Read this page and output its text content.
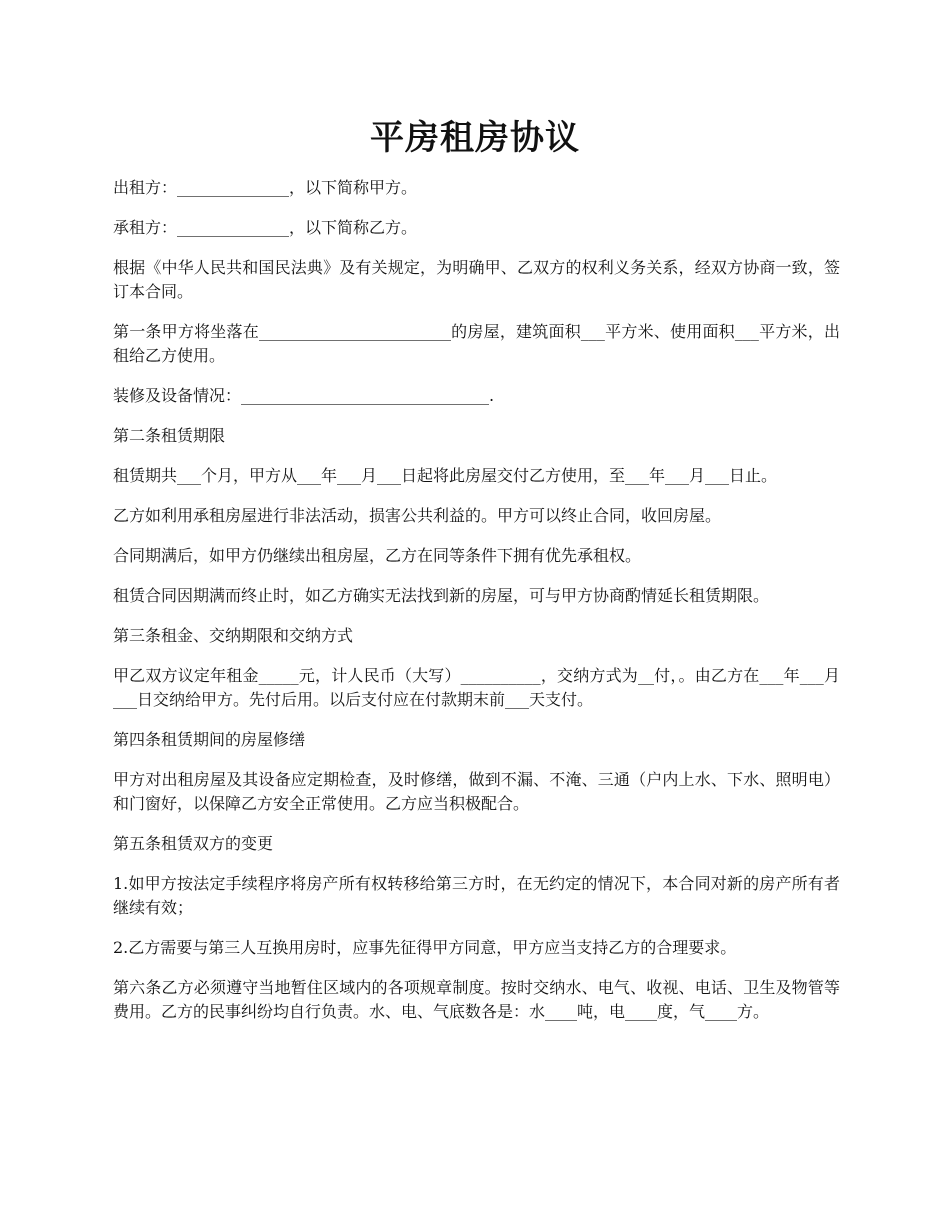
平房租房协议

出租方：______________，以下简称甲方。

承租方：______________，以下简称乙方。

根据《中华人民共和国民法典》及有关规定，为明确甲、乙双方的权利义务关系，经双方协商一致，签订本合同。

第一条甲方将坐落在________________________的房屋，建筑面积___平方米、使用面积___平方米，出租给乙方使用。

装修及设备情况：_______________________________.

第二条租赁期限

租赁期共___个月，甲方从___年___月___日起将此房屋交付乙方使用，至___年___月___日止。

乙方如利用承租房屋进行非法活动，损害公共利益的。甲方可以终止合同，收回房屋。

合同期满后，如甲方仍继续出租房屋，乙方在同等条件下拥有优先承租权。

租赁合同因期满而终止时，如乙方确实无法找到新的房屋，可与甲方协商酌情延长租赁期限。

第三条租金、交纳期限和交纳方式

甲乙双方议定年租金_____元，计人民币（大写）__________，交纳方式为__付，。由乙方在___年___月___日交纳给甲方。先付后用。以后支付应在付款期末前___天支付。

第四条租赁期间的房屋修缮

甲方对出租房屋及其设备应定期检查，及时修缮，做到不漏、不淹、三通（户内上水、下水、照明电）和门窗好，以保障乙方安全正常使用。乙方应当积极配合。

第五条租赁双方的变更

1.如甲方按法定手续程序将房产所有权转移给第三方时，在无约定的情况下，本合同对新的房产所有者继续有效；

2.乙方需要与第三人互换用房时，应事先征得甲方同意，甲方应当支持乙方的合理要求。

第六条乙方必须遵守当地暂住区域内的各项规章制度。按时交纳水、电气、收视、电话、卫生及物管等费用。乙方的民事纠纷均自行负责。水、电、气底数各是：水____吨，电____度，气____方。
